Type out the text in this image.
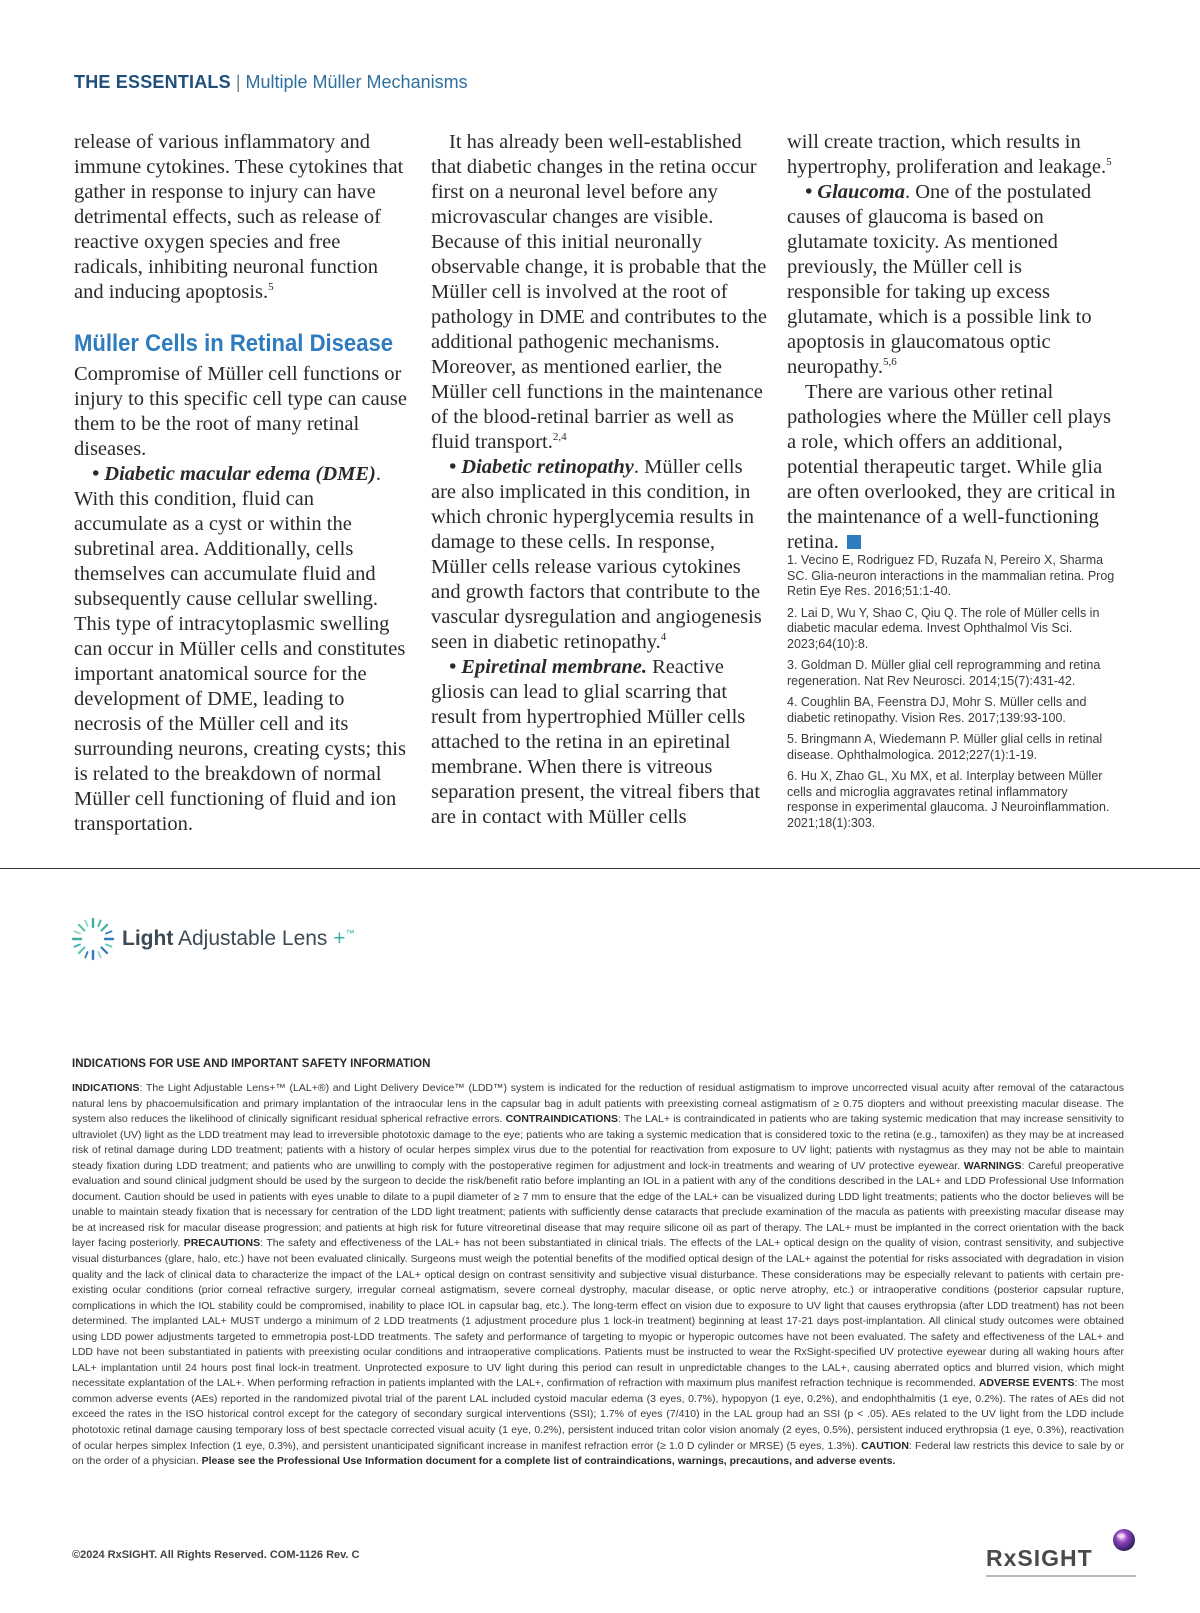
THE ESSENTIALS | Multiple Müller Mechanisms

release of various inflammatory and immune cytokines. These cytokines that gather in response to injury can have detrimental effects, such as release of reactive oxygen species and free radicals, inhibiting neuronal function and inducing apoptosis.$^5$

Müller Cells in Retinal Disease

Compromise of Müller cell functions or injury to this specific cell type can cause them to be the root of many retinal diseases.

• Diabetic macular edema (DME). With this condition, fluid can accumulate as a cyst or within the subretinal area. Additionally, cells themselves can accumulate fluid and subsequently cause cellular swelling. This type of intracytoplasmic swelling can occur in Müller cells and constitutes important anatomical source for the development of DME, leading to necrosis of the Müller cell and its surrounding neurons, creating cysts; this is related to the breakdown of normal Müller cell functioning of fluid and ion transportation.

It has already been well-established that diabetic changes in the retina occur first on a neuronal level before any microvascular changes are visible. Because of this initial neuronally observable change, it is probable that the Müller cell is involved at the root of pathology in DME and contributes to the additional pathogenic mechanisms. Moreover, as mentioned earlier, the Müller cell functions in the maintenance of the blood-retinal barrier as well as fluid transport.$^{2,4}$

• Diabetic retinopathy. Müller cells are also implicated in this condition, in which chronic hyperglycemia results in damage to these cells. In response, Müller cells release various cytokines and growth factors that contribute to the vascular dysregulation and angiogenesis seen in diabetic retinopathy.$^4$

• Epiretinal membrane. Reactive gliosis can lead to glial scarring that result from hypertrophied Müller cells attached to the retina in an epiretinal membrane. When there is vitreous separation present, the vitreal fibers that are in contact with Müller cells

will create traction, which results in hypertrophy, proliferation and leakage.$^5$

• Glaucoma. One of the postulated causes of glaucoma is based on glutamate toxicity. As mentioned previously, the Müller cell is responsible for taking up excess glutamate, which is a possible link to apoptosis in glaucomatous optic neuropathy.$^{5,6}$

There are various other retinal pathologies where the Müller cell plays a role, which offers an additional, potential therapeutic target. While glia are often overlooked, they are critical in the maintenance of a well-functioning retina.

1. Vecino E, Rodriguez FD, Ruzafa N, Pereiro X, Sharma SC. Glia-neuron interactions in the mammalian retina. Prog Retin Eye Res. 2016;51:1-40.
2. Lai D, Wu Y, Shao C, Qiu Q. The role of Müller cells in diabetic macular edema. Invest Ophthalmol Vis Sci. 2023;64(10):8.
3. Goldman D. Müller glial cell reprogramming and retina regeneration. Nat Rev Neurosci. 2014;15(7):431-42.
4. Coughlin BA, Feenstra DJ, Mohr S. Müller cells and diabetic retinopathy. Vision Res. 2017;139:93-100.
5. Bringmann A, Wiedemann P. Müller glial cells in retinal disease. Ophthalmologica. 2012;227(1):1-19.
6. Hu X, Zhao GL, Xu MX, et al. Interplay between Müller cells and microglia aggravates retinal inflammatory response in experimental glaucoma. J Neuroinflammation. 2021;18(1):303.
Light Adjustable Lens +™
INDICATIONS FOR USE AND IMPORTANT SAFETY INFORMATION

INDICATIONS: The Light Adjustable Lens+™ (LAL+®) and Light Delivery Device™ (LDD™) system is indicated for the reduction of residual astigmatism to improve uncorrected visual acuity after removal of the cataractous natural lens by phacoemulsification and primary implantation of the intraocular lens in the capsular bag in adult patients with preexisting corneal astigmatism of ≥ 0.75 diopters and without preexisting macular disease. The system also reduces the likelihood of clinically significant residual spherical refractive errors. CONTRAINDICATIONS: The LAL+ is contraindicated in patients who are taking systemic medication that may increase sensitivity to ultraviolet (UV) light as the LDD treatment may lead to irreversible phototoxic damage to the eye; patients who are taking a systemic medication that is considered toxic to the retina (e.g., tamoxifen) as they may be at increased risk of retinal damage during LDD treatment; patients with a history of ocular herpes simplex virus due to the potential for reactivation from exposure to UV light; patients with nystagmus as they may not be able to maintain steady fixation during LDD treatment; and patients who are unwilling to comply with the postoperative regimen for adjustment and lock-in treatments and wearing of UV protective eyewear. WARNINGS: Careful preoperative evaluation and sound clinical judgment should be used by the surgeon to decide the risk/benefit ratio before implanting an IOL in a patient with any of the conditions described in the LAL+ and LDD Professional Use Information document. Caution should be used in patients with eyes unable to dilate to a pupil diameter of ≥ 7 mm to ensure that the edge of the LAL+ can be visualized during LDD light treatments; patients who the doctor believes will be unable to maintain steady fixation that is necessary for centration of the LDD light treatment; patients with sufficiently dense cataracts that preclude examination of the macula as patients with preexisting macular disease may be at increased risk for macular disease progression; and patients at high risk for future vitreoretinal disease that may require silicone oil as part of therapy. The LAL+ must be implanted in the correct orientation with the back layer facing posteriorly. PRECAUTIONS: The safety and effectiveness of the LAL+ has not been substantiated in clinical trials. The effects of the LAL+ optical design on the quality of vision, contrast sensitivity, and subjective visual disturbances (glare, halo, etc.) have not been evaluated clinically. Surgeons must weigh the potential benefits of the modified optical design of the LAL+ against the potential for risks associated with degradation in vision quality and the lack of clinical data to characterize the impact of the LAL+ optical design on contrast sensitivity and subjective visual disturbance. These considerations may be especially relevant to patients with certain pre-existing ocular conditions (prior corneal refractive surgery, irregular corneal astigmatism, severe corneal dystrophy, macular disease, or optic nerve atrophy, etc.) or intraoperative conditions (posterior capsular rupture, complications in which the IOL stability could be compromised, inability to place IOL in capsular bag, etc.). The long-term effect on vision due to exposure to UV light that causes erythropsia (after LDD treatment) has not been determined. The implanted LAL+ MUST undergo a minimum of 2 LDD treatments (1 adjustment procedure plus 1 lock-in treatment) beginning at least 17-21 days post-implantation. All clinical study outcomes were obtained using LDD power adjustments targeted to emmetropia post-LDD treatments. The safety and performance of targeting to myopic or hyperopic outcomes have not been evaluated. The safety and effectiveness of the LAL+ and LDD have not been substantiated in patients with preexisting ocular conditions and intraoperative complications. Patients must be instructed to wear the RxSight-specified UV protective eyewear during all waking hours after LAL+ implantation until 24 hours post final lock-in treatment. Unprotected exposure to UV light during this period can result in unpredictable changes to the LAL+, causing aberrated optics and blurred vision, which might necessitate explantation of the LAL+. When performing refraction in patients implanted with the LAL+, confirmation of refraction with maximum plus manifest refraction technique is recommended. ADVERSE EVENTS: The most common adverse events (AEs) reported in the randomized pivotal trial of the parent LAL included cystoid macular edema (3 eyes, 0.7%), hypopyon (1 eye, 0.2%), and endophthalmitis (1 eye, 0.2%). The rates of AEs did not exceed the rates in the ISO historical control except for the category of secondary surgical interventions (SSI); 1.7% of eyes (7/410) in the LAL group had an SSI (p < .05). AEs related to the UV light from the LDD include phototoxic retinal damage causing temporary loss of best spectacle corrected visual acuity (1 eye, 0.2%), persistent induced tritan color vision anomaly (2 eyes, 0.5%), persistent induced erythropsia (1 eye, 0.3%), reactivation of ocular herpes simplex Infection (1 eye, 0.3%), and persistent unanticipated significant increase in manifest refraction error (≥ 1.0 D cylinder or MRSE) (5 eyes, 1.3%). CAUTION: Federal law restricts this device to sale by or on the order of a physician. Please see the Professional Use Information document for a complete list of contraindications, warnings, precautions, and adverse events.

©2024 RxSIGHT. All Rights Reserved. COM-1126 Rev. C	RxSIGHT
